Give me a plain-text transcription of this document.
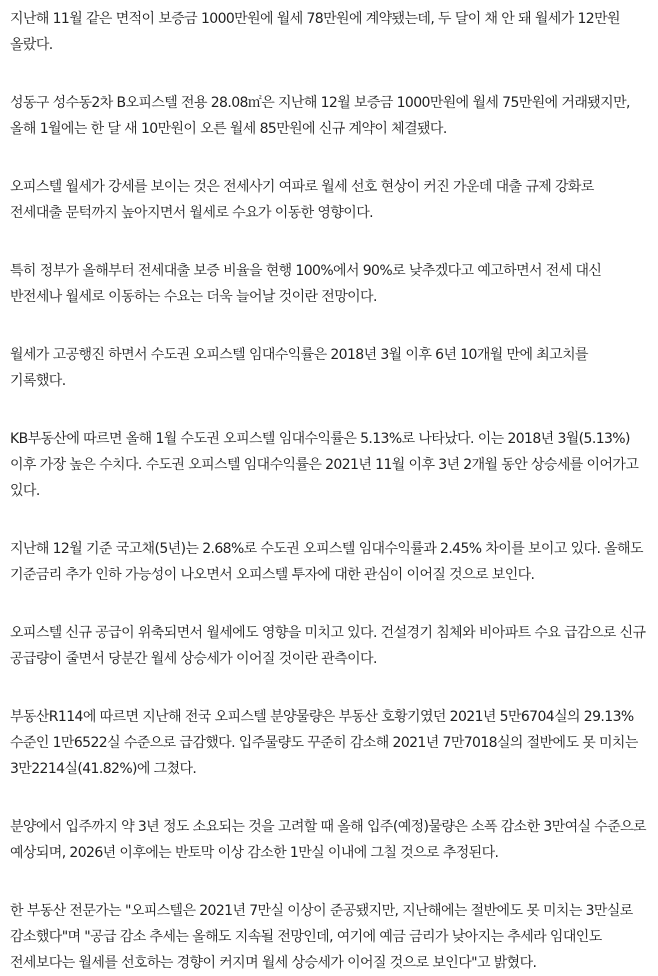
지난해 11월 같은 면적이 보증금 1000만원에 월세 78만원에 계약됐는데, 두 달이 채 안 돼 월세가 12만원 올랐다.

성동구 성수동2차 B오피스텔 전용 28.08㎡은 지난해 12월 보증금 1000만원에 월세 75만원에 거래됐지만, 올해 1월에는 한 달 새 10만원이 오른 월세 85만원에 신규 계약이 체결됐다.

오피스텔 월세가 강세를 보이는 것은 전세사기 여파로 월세 선호 현상이 커진 가운데 대출 규제 강화로 전세대출 문턱까지 높아지면서 월세로 수요가 이동한 영향이다.

특히 정부가 올해부터 전세대출 보증 비율을 현행 100%에서 90%로 낮추겠다고 예고하면서 전세 대신 반전세나 월세로 이동하는 수요는 더욱 늘어날 것이란 전망이다.

월세가 고공행진 하면서 수도권 오피스텔 임대수익률은 2018년 3월 이후 6년 10개월 만에 최고치를 기록했다.

KB부동산에 따르면 올해 1월 수도권 오피스텔 임대수익률은 5.13%로 나타났다. 이는 2018년 3월(5.13%) 이후 가장 높은 수치다. 수도권 오피스텔 임대수익률은 2021년 11월 이후 3년 2개월 동안 상승세를 이어가고 있다.

지난해 12월 기준 국고채(5년)는 2.68%로 수도권 오피스텔 임대수익률과 2.45% 차이를 보이고 있다. 올해도 기준금리 추가 인하 가능성이 나오면서 오피스텔 투자에 대한 관심이 이어질 것으로 보인다.

오피스텔 신규 공급이 위축되면서 월세에도 영향을 미치고 있다. 건설경기 침체와 비아파트 수요 급감으로 신규 공급량이 줄면서 당분간 월세 상승세가 이어질 것이란 관측이다.

부동산R114에 따르면 지난해 전국 오피스텔 분양물량은 부동산 호황기였던 2021년 5만6704실의 29.13% 수준인 1만6522실 수준으로 급감했다. 입주물량도 꾸준히 감소해 2021년 7만7018실의 절반에도 못 미치는 3만2214실(41.82%)에 그쳤다.

분양에서 입주까지 약 3년 정도 소요되는 것을 고려할 때 올해 입주(예정)물량은 소폭 감소한 3만여실 수준으로 예상되며, 2026년 이후에는 반토막 이상 감소한 1만실 이내에 그칠 것으로 추정된다.

한 부동산 전문가는 "오피스텔은 2021년 7만실 이상이 준공됐지만, 지난해에는 절반에도 못 미치는 3만실로 감소했다"며 "공급 감소 추세는 올해도 지속될 전망인데, 여기에 예금 금리가 낮아지는 추세라 임대인도 전세보다는 월세를 선호하는 경향이 커지며 월세 상승세가 이어질 것으로 보인다"고 밝혔다.
